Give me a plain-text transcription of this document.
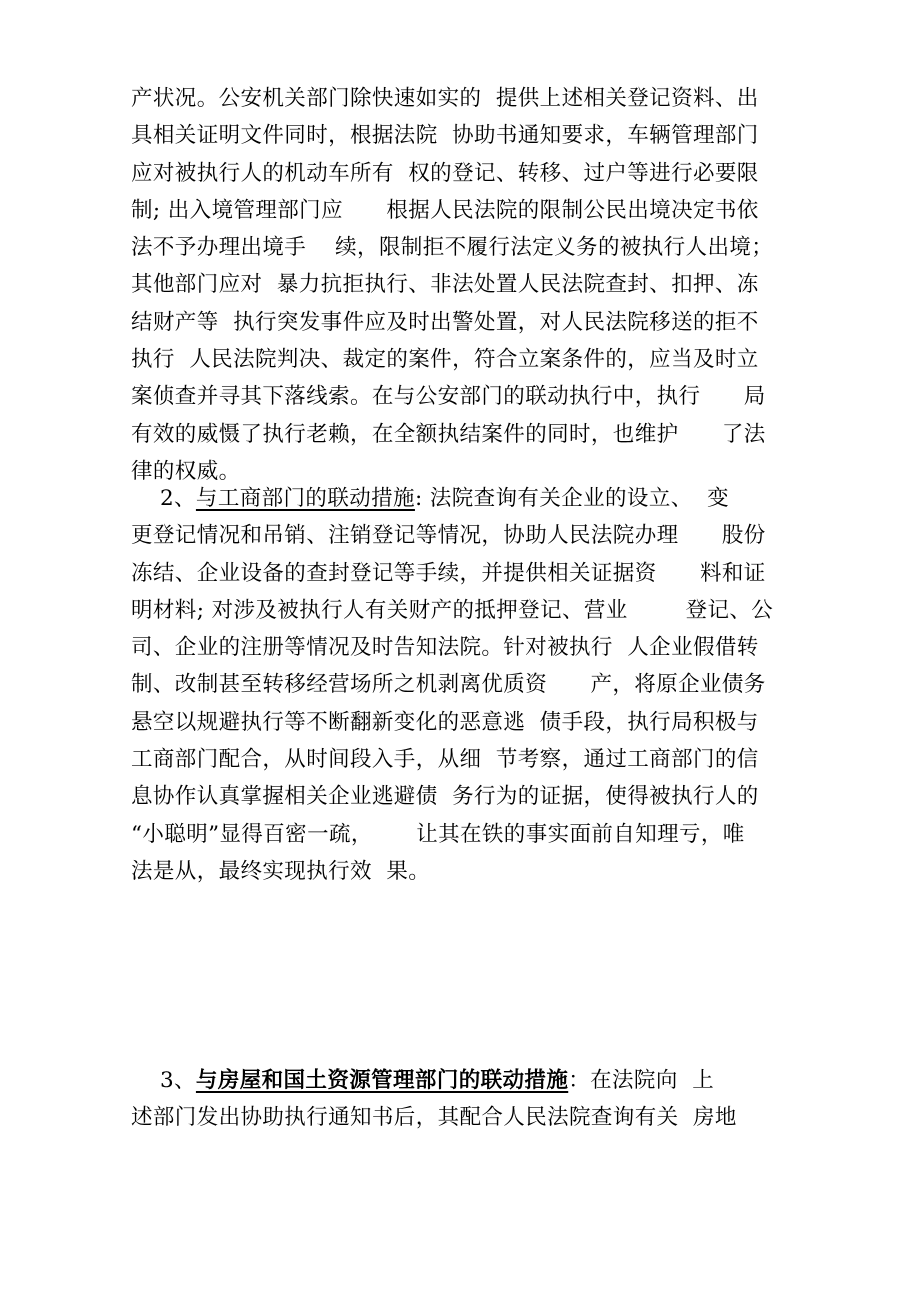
产状况。公安机关部门除快速如实的  提供上述相关登记资料、出
具相关证明文件同时，根据法院  协助书通知要求，车辆管理部门
应对被执行人的机动车所有  权的登记、转移、过户等进行必要限
制; 出入境管理部门应      根据人民法院的限制公民出境决定书依
法不予办理出境手    续，限制拒不履行法定义务的被执行人出境；
其他部门应对  暴力抗拒执行、非法处置人民法院查封、扣押、冻
结财产等  执行突发事件应及时出警处置，对人民法院移送的拒不
执行  人民法院判决、裁定的案件，符合立案条件的，应当及时立
案侦查并寻其下落线索。在与公安部门的联动执行中，执行      局
有效的威慑了执行老赖，在全额执结案件的同时，也维护      了法
律的权威。
2、与工商部门的联动措施: 法院查询有关企业的设立、  变
更登记情况和吊销、注销登记等情况，协助人民法院办理      股份
冻结、企业设备的查封登记等手续，并提供相关证据资      料和证
明材料; 对涉及被执行人有关财产的抵押登记、营业        登记、公
司、企业的注册等情况及时告知法院。针对被执行  人企业假借转
制、改制甚至转移经营场所之机剥离优质资      产，将原企业债务
悬空以规避执行等不断翻新变化的恶意逃  债手段，执行局积极与
工商部门配合，从时间段入手，从细  节考察，通过工商部门的信
息协作认真掌握相关企业逃避债  务行为的证据，使得被执行人的
“小聪明”显得百密一疏，      让其在铁的事实面前自知理亏，唯
法是从，最终实现执行效  果。
3、与房屋和国土资源管理部门的联动措施：在法院向  上
述部门发出协助执行通知书后，其配合人民法院查询有关  房地
